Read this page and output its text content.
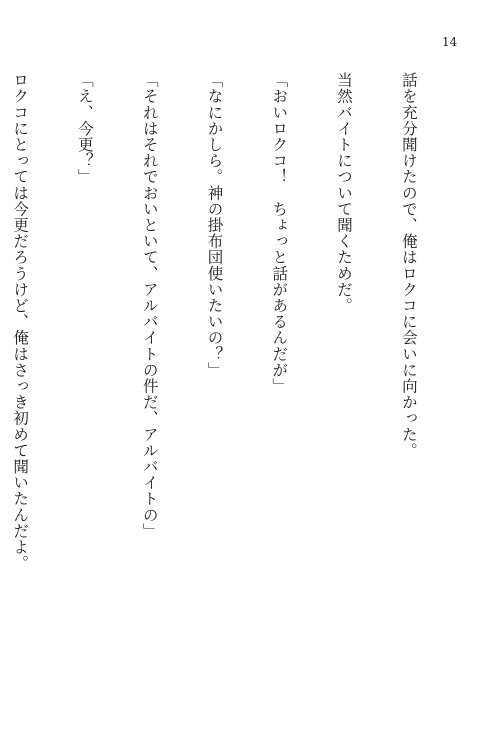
14

話を充分聞けたので、俺はロクコに会いに向かった。

当然バイトについて聞くためだ。

「おいロクコ！　ちょっと話があるんだが」

「なにかしら。神の掛布団使いたいの？」

「それはそれでおいといて、アルバイトの件だ、アルバイトの」

「え、今更？」

ロクコにとっては今更だろうけど、俺はさっき初めて聞いたんだよ。
